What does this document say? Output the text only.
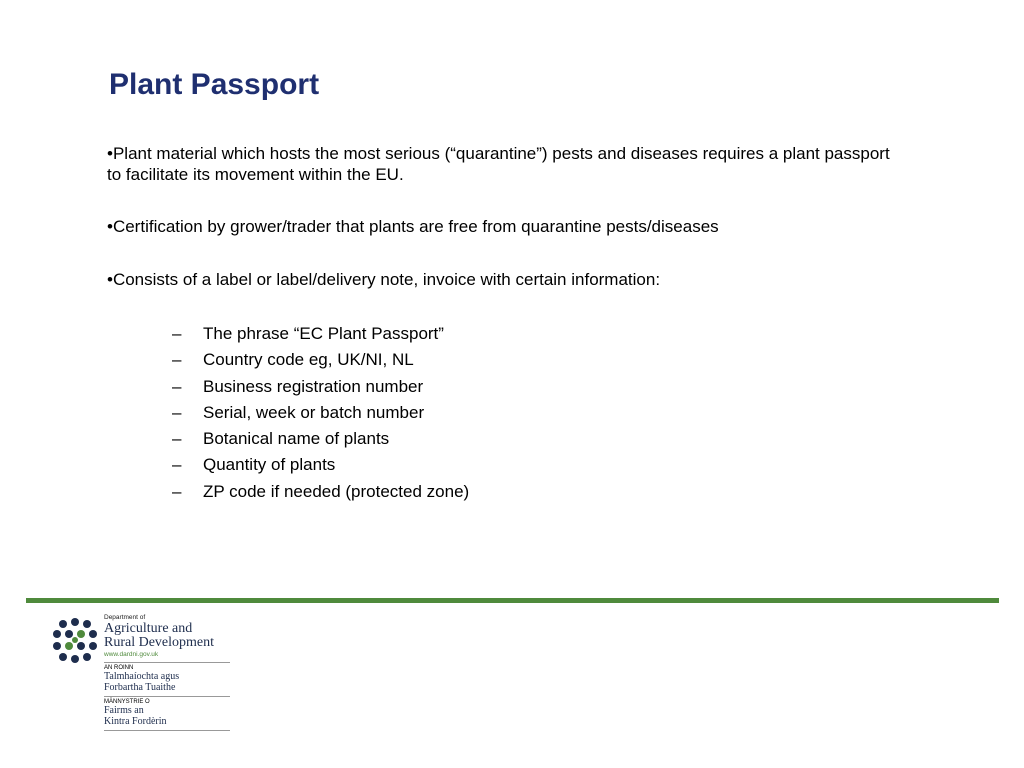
Plant Passport
•Plant material which hosts the most serious (“quarantine”) pests and diseases requires a plant passport to facilitate its movement within the EU.
•Certification by grower/trader that plants are free from quarantine pests/diseases
•Consists of a label or label/delivery note, invoice with certain information:
– The phrase “EC Plant Passport”
– Country code eg, UK/NI, NL
– Business registration number
– Serial, week or batch number
– Botanical name of plants
– Quantity of plants
– ZP code if needed (protected zone)
Department of
Agriculture and
Rural Development
www.dardni.gov.uk
AN ROINN
Talmhaíochta agus
Forbartha Tuaithe
MÄNNYSTRIE O
Fairms an
Kintra Fordèrin
